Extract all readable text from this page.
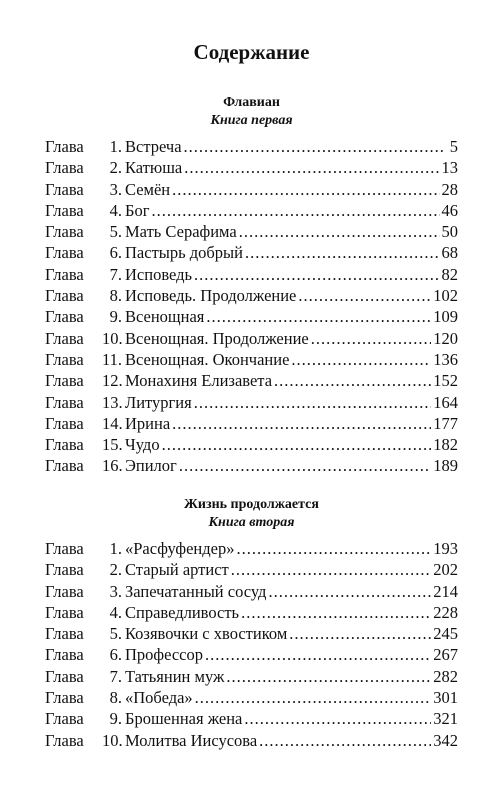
Содержание
Флавиан
Книга первая
Глава	1. Встреча .....	5
Глава	2. Катюша .....	13
Глава	3. Семён .....	28
Глава	4. Бог .....	46
Глава	5. Мать Серафима .....	50
Глава	6. Пастырь добрый .....	68
Глава	7. Исповедь .....	82
Глава	8. Исповедь. Продолжение .....	102
Глава	9. Всенощная .....	109
Глава	10. Всенощная. Продолжение .....	120
Глава	11. Всенощная. Окончание .....	136
Глава	12. Монахиня Елизавета .....	152
Глава	13. Литургия .....	164
Глава	14. Ирина .....	177
Глава	15. Чудо .....	182
Глава	16. Эпилог .....	189
Жизнь продолжается
Книга вторая
Глава	1. «Расфуфендер» .....	193
Глава	2. Старый артист .....	202
Глава	3. Запечатанный сосуд .....	214
Глава	4. Справедливость .....	228
Глава	5. Козявочки с хвостиком .....	245
Глава	6. Профессор .....	267
Глава	7. Татьянин муж .....	282
Глава	8. «Победа» .....	301
Глава	9. Брошенная жена .....	321
Глава	10. Молитва Иисусова .....	342
